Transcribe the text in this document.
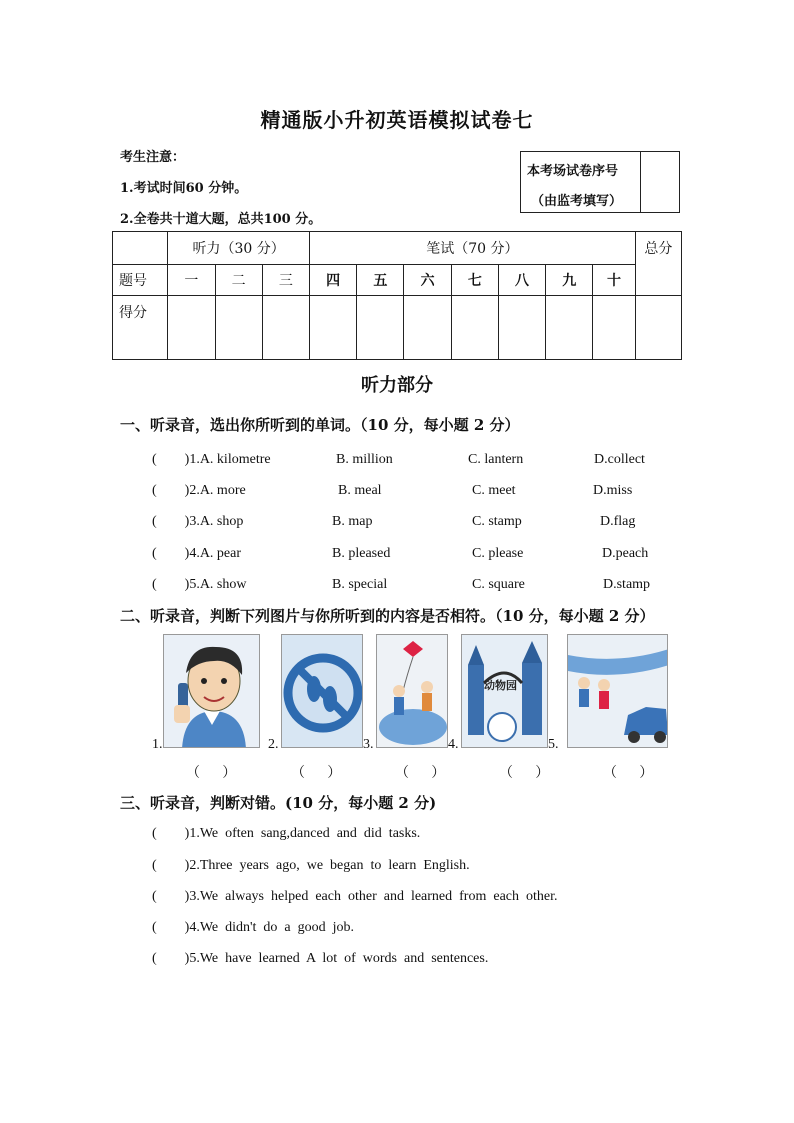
精通版小升初英语模拟试卷七
考生注意：
1.考试时间60 分钟。
2.全卷共十道大题，总共100 分。
本考场试卷序号
（由监考填写）
	听力（30 分）			笔试（70 分）							总分
题号	一	二	三	四	五	六	七	八	九	十	
得分											
听力部分
一、听录音，选出你所听到的单词。（10 分，每小题 2 分）
(        )1.A. kilometre	B. million	C. lantern	D.collect
(        )2.A. more	B. meal	C. meet	D.miss
(        )3.A. shop	B. map	C. stamp	D.flag
(        )4.A. pear	B. pleased	C. please	D.peach
(        )5.A. show	B. special	C. square	D.stamp
二、听录音，判断下列图片与你所听到的内容是否相符。（10 分，每小题 2 分）
1.	2.	3.
动物园
4.	5.
（     ）	（     ）	（     ）	（     ）	（     ）
三、听录音，判断对错。(10 分，每小题 2 分)
(        )1.We  often  sang,danced  and  did  tasks.
(        )2.Three  years  ago,  we  began  to  learn  English.
(        )3.We  always  helped  each  other  and  learned  from  each  other.
(        )4.We  didn't  do  a  good  job.
(        )5.We  have  learned  A  lot  of  words  and  sentences.
